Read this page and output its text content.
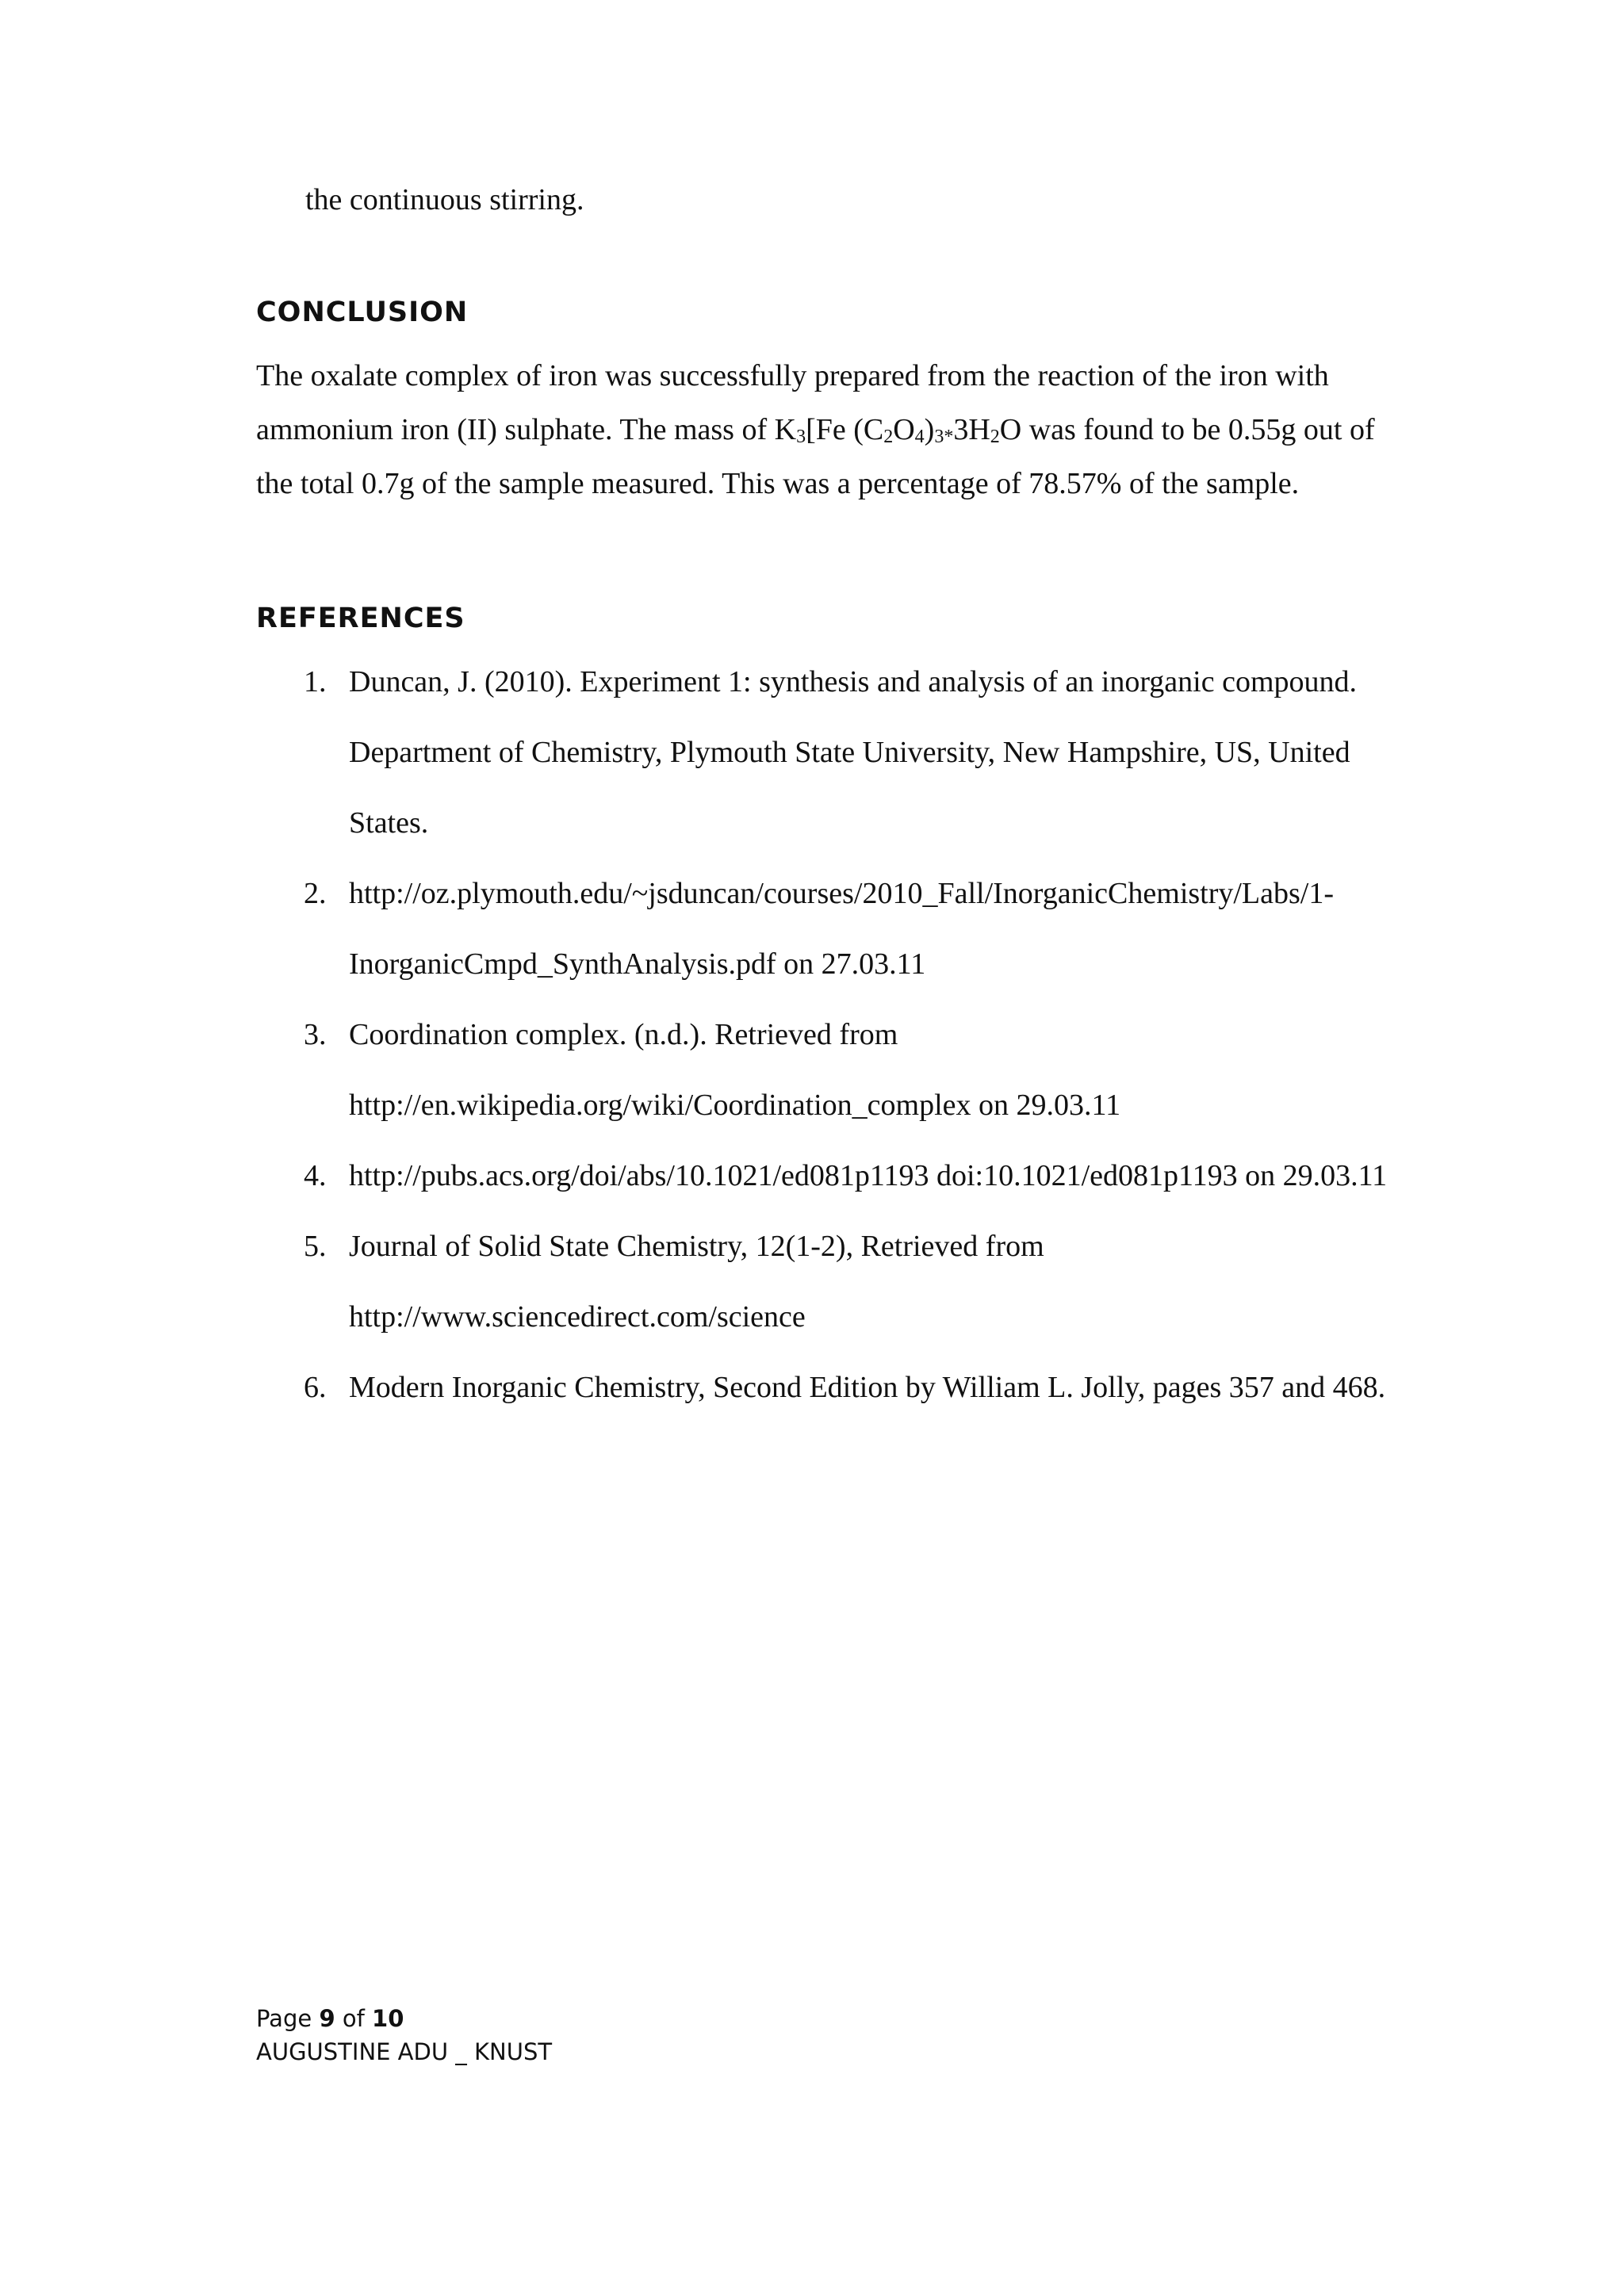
the continuous stirring.

CONCLUSION
The oxalate complex of iron was successfully prepared from the reaction of the iron with
ammonium iron (II) sulphate. The mass of $K_3[Fe$ $(C_2O_4)_{3*}3H_2O$ was found to be 0.55g out of
the total 0.7g of the sample measured. This was a percentage of 78.57% of the sample.
REFERENCES
1. Duncan, J. (2010). Experiment 1: synthesis and analysis of an inorganic compound.
Department of Chemistry, Plymouth State University, New Hampshire, US, United
States.
2. http://oz.plymouth.edu/~jsduncan/courses/2010_Fall/InorganicChemistry/Labs/1-
InorganicCmpd_SynthAnalysis.pdf on 27.03.11
3. Coordination complex. (n.d.). Retrieved from
http://en.wikipedia.org/wiki/Coordination_complex on 29.03.11
4. http://pubs.acs.org/doi/abs/10.1021/ed081p1193 doi:10.1021/ed081p1193 on 29.03.11
5. Journal of Solid State Chemistry, 12(1-2), Retrieved from
http://www.sciencedirect.com/science
6. Modern Inorganic Chemistry, Second Edition by William L. Jolly, pages 357 and 468.
Page 9 of 10
AUGUSTINE ADU _ KNUST
